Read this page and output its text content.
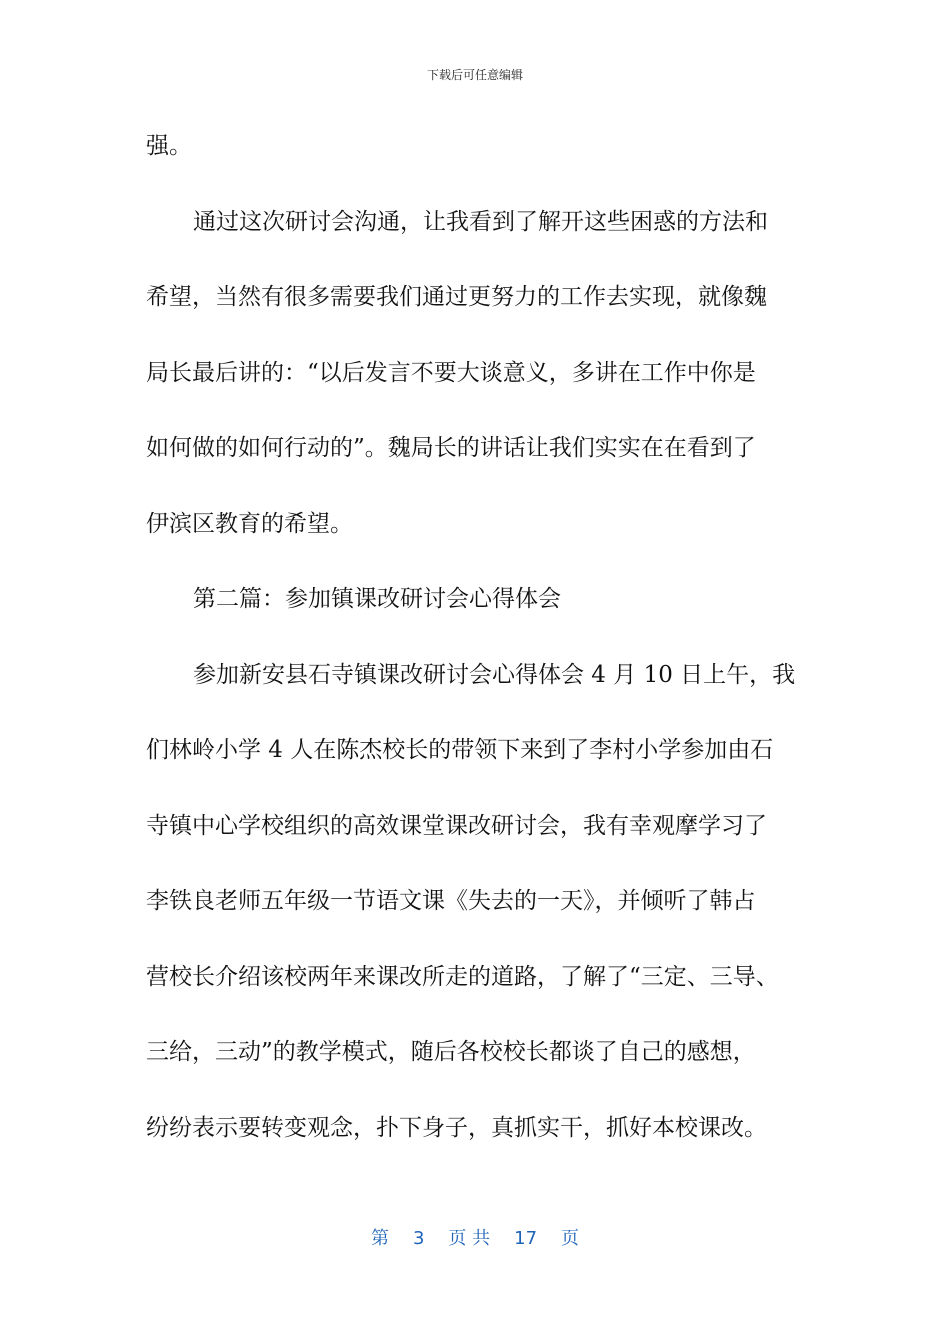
下载后可任意编辑
强。
通过这次研讨会沟通，让我看到了解开这些困惑的方法和
希望，当然有很多需要我们通过更努力的工作去实现，就像魏
局长最后讲的：“以后发言不要大谈意义，多讲在工作中你是
如何做的如何行动的”。魏局长的讲话让我们实实在在看到了
伊滨区教育的希望。
第二篇：参加镇课改研讨会心得体会
参加新安县石寺镇课改研讨会心得体会 4 月 10 日上午，我
们林岭小学 4 人在陈杰校长的带领下来到了李村小学参加由石
寺镇中心学校组织的高效课堂课改研讨会，我有幸观摩学习了
李铁良老师五年级一节语文课《失去的一天》，并倾听了韩占
营校长介绍该校两年来课改所走的道路，了解了“三定、三导、
三给，三动”的教学模式，随后各校校长都谈了自己的感想，
纷纷表示要转变观念，扑下身子，真抓实干，抓好本校课改。
第 3 页 共 17 页
